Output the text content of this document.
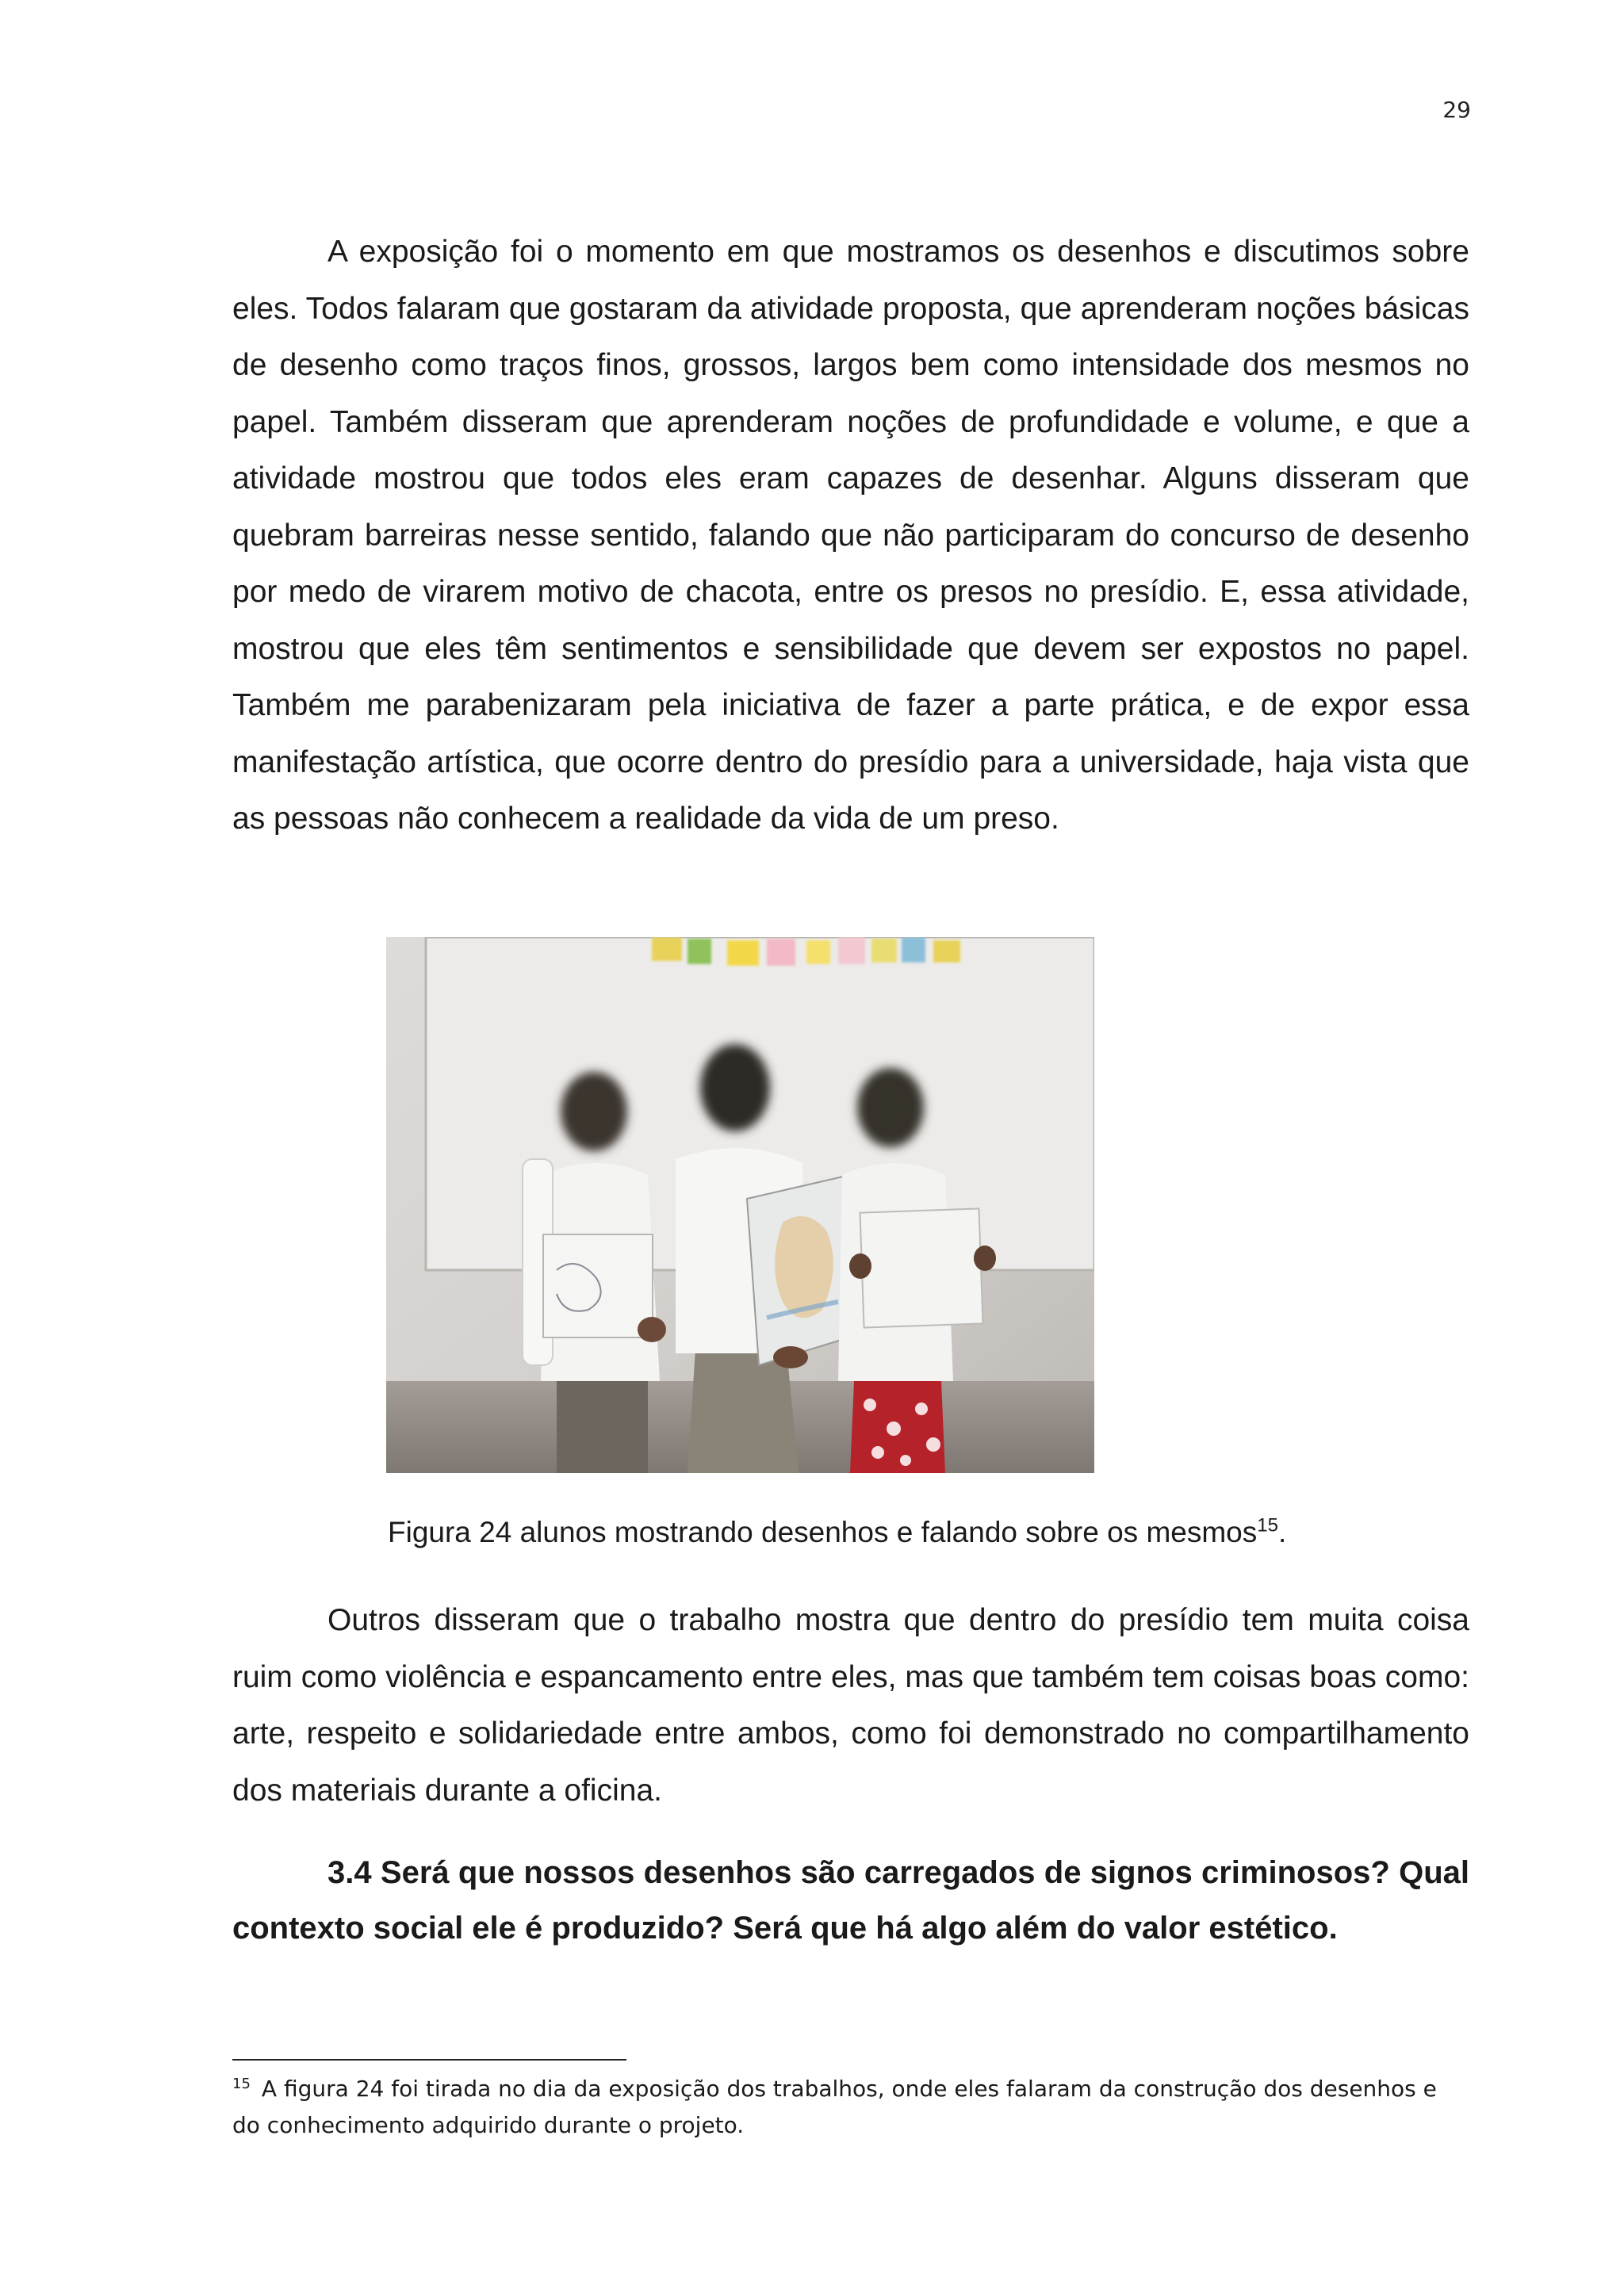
29

A exposição foi o momento em que mostramos os desenhos e discutimos sobre eles. Todos falaram que gostaram da atividade proposta, que aprenderam noções básicas de desenho como traços finos, grossos, largos bem como intensidade dos mesmos no papel. Também disseram que aprenderam noções de profundidade e volume, e que a atividade mostrou que todos eles eram capazes de desenhar. Alguns disseram que quebram barreiras nesse sentido, falando que não participaram do concurso de desenho por medo de virarem motivo de chacota, entre os presos no presídio. E, essa atividade, mostrou que eles têm sentimentos e sensibilidade que devem ser expostos no papel. Também me parabenizaram pela iniciativa de fazer a parte prática, e de expor essa manifestação artística, que ocorre dentro do presídio para a universidade, haja vista que as pessoas não conhecem a realidade da vida de um preso.

Figura 24 alunos mostrando desenhos e falando sobre os mesmos$^{15}$.

Outros disseram que o trabalho mostra que dentro do presídio tem muita coisa ruim como violência e espancamento entre eles, mas que também tem coisas boas como: arte, respeito e solidariedade entre ambos, como foi demonstrado no compartilhamento dos materiais durante a oficina.

3.4 Será que nossos desenhos são carregados de signos criminosos? Qual contexto social ele é produzido? Será que há algo além do valor estético.

$^{15}$ A figura 24 foi tirada no dia da exposição dos trabalhos, onde eles falaram da construção dos desenhos e do conhecimento adquirido durante o projeto.
